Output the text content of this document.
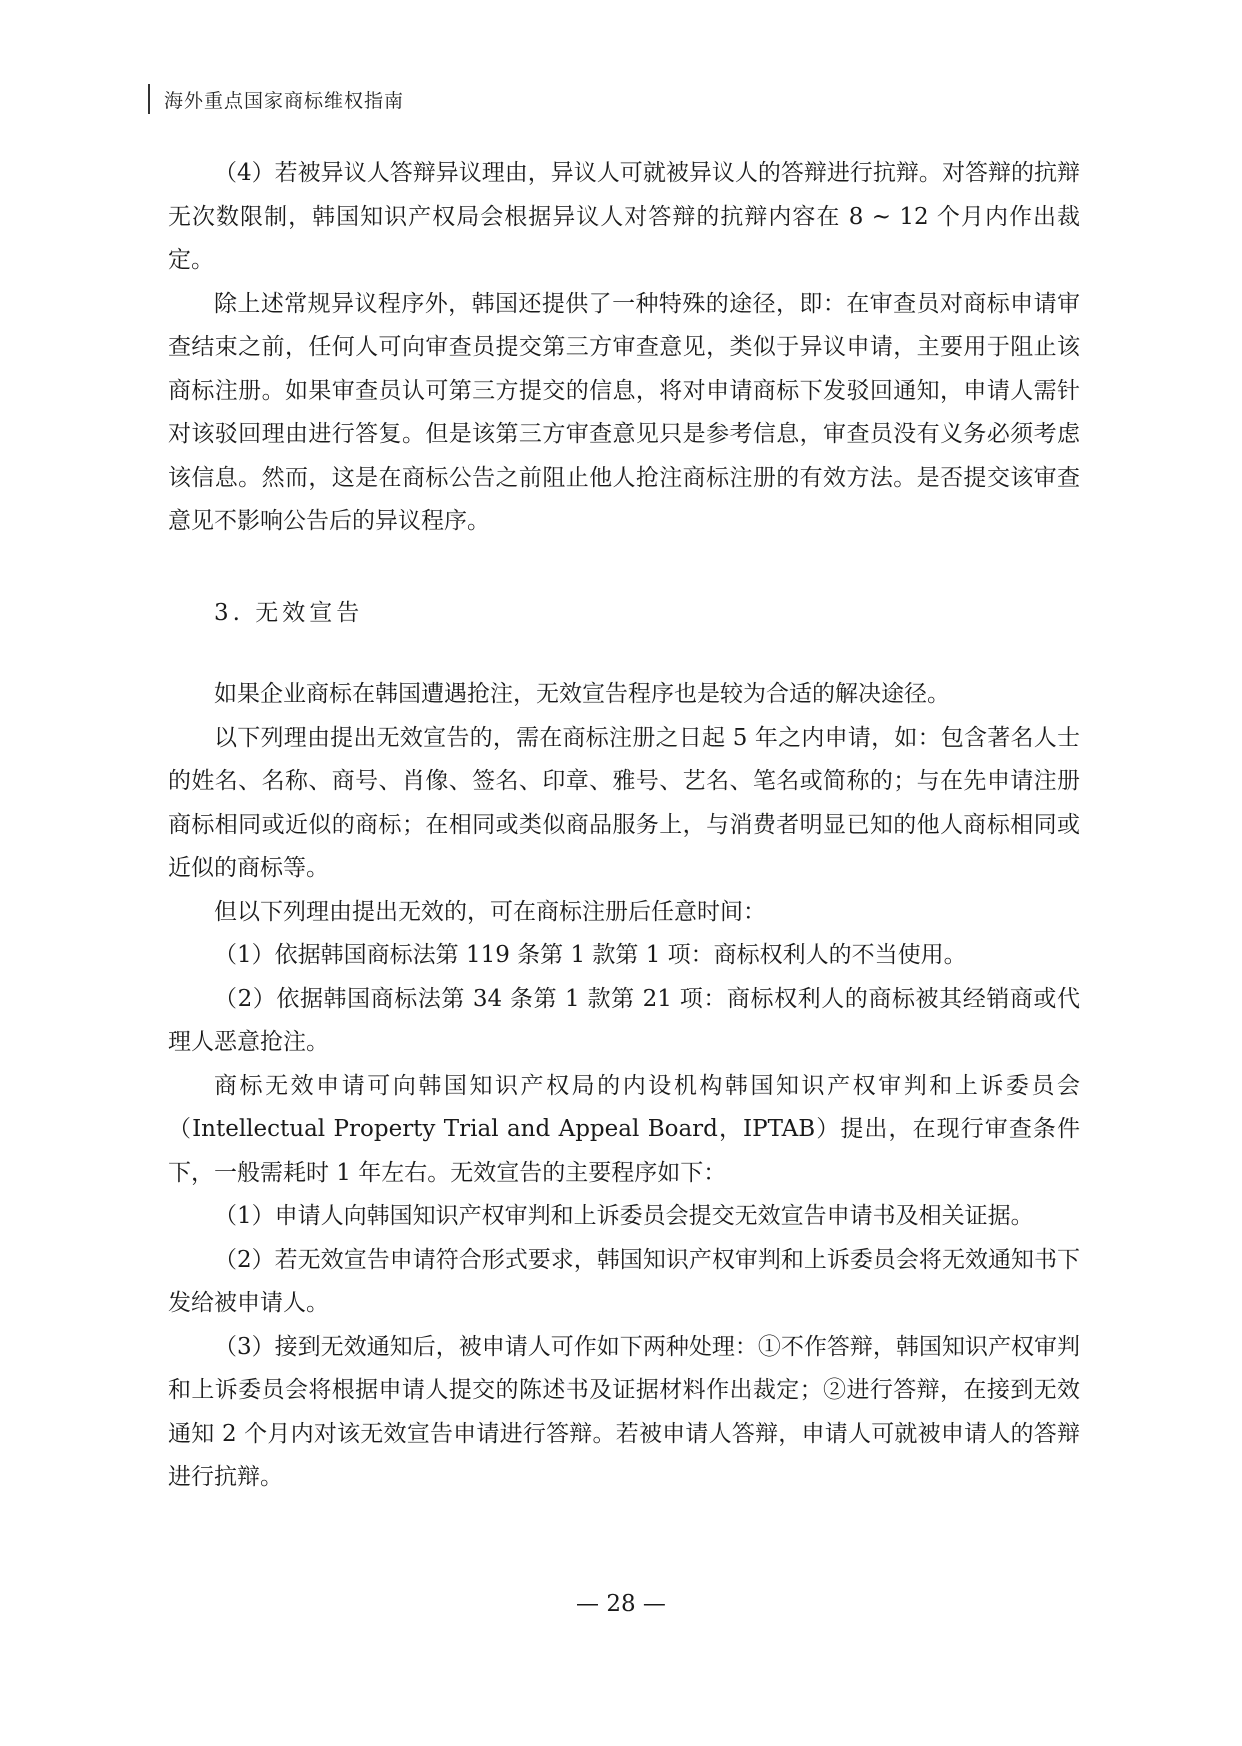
海外重点国家商标维权指南

（4）若被异议人答辩异议理由，异议人可就被异议人的答辩进行抗辩。对答辩的抗辩无次数限制，韩国知识产权局会根据异议人对答辩的抗辩内容在 8 ~ 12 个月内作出裁定。

除上述常规异议程序外，韩国还提供了一种特殊的途径，即：在审查员对商标申请审查结束之前，任何人可向审查员提交第三方审查意见，类似于异议申请，主要用于阻止该商标注册。如果审查员认可第三方提交的信息，将对申请商标下发驳回通知，申请人需针对该驳回理由进行答复。但是该第三方审查意见只是参考信息，审查员没有义务必须考虑该信息。然而，这是在商标公告之前阻止他人抢注商标注册的有效方法。是否提交该审查意见不影响公告后的异议程序。

3. 无效宣告

如果企业商标在韩国遭遇抢注，无效宣告程序也是较为合适的解决途径。

以下列理由提出无效宣告的，需在商标注册之日起 5 年之内申请，如：包含著名人士的姓名、名称、商号、肖像、签名、印章、雅号、艺名、笔名或简称的；与在先申请注册商标相同或近似的商标；在相同或类似商品服务上，与消费者明显已知的他人商标相同或近似的商标等。

但以下列理由提出无效的，可在商标注册后任意时间：

（1）依据韩国商标法第 119 条第 1 款第 1 项：商标权利人的不当使用。

（2）依据韩国商标法第 34 条第 1 款第 21 项：商标权利人的商标被其经销商或代理人恶意抢注。

商标无效申请可向韩国知识产权局的内设机构韩国知识产权审判和上诉委员会（Intellectual Property Trial and Appeal Board，IPTAB）提出，在现行审查条件下，一般需耗时 1 年左右。无效宣告的主要程序如下：

（1）申请人向韩国知识产权审判和上诉委员会提交无效宣告申请书及相关证据。

（2）若无效宣告申请符合形式要求，韩国知识产权审判和上诉委员会将无效通知书下发给被申请人。

（3）接到无效通知后，被申请人可作如下两种处理：①不作答辩，韩国知识产权审判和上诉委员会将根据申请人提交的陈述书及证据材料作出裁定；②进行答辩，在接到无效通知 2 个月内对该无效宣告申请进行答辩。若被申请人答辩，申请人可就被申请人的答辩进行抗辩。

— 28 —
